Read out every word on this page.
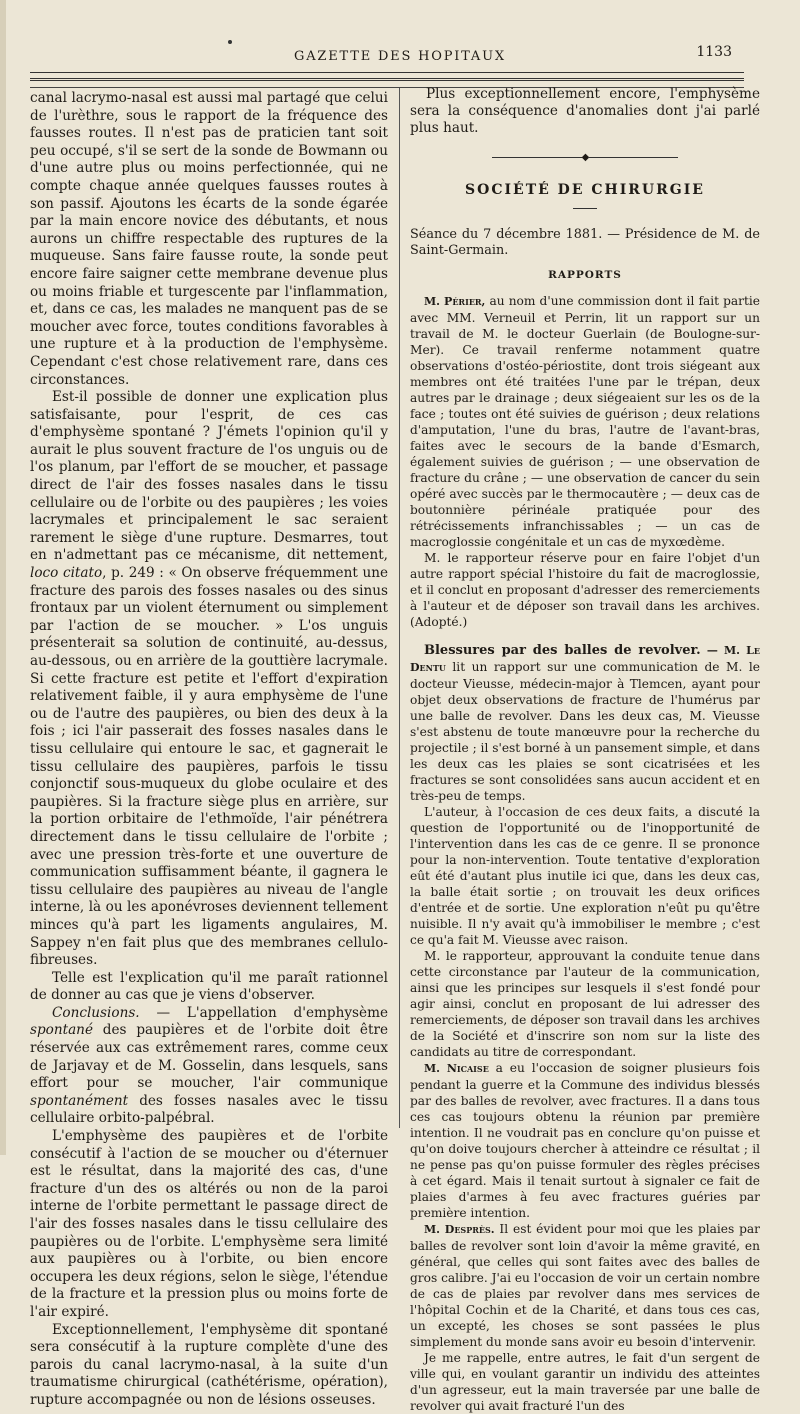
GAZETTE DES HOPITAUX	1133

canal lacrymo-nasal est aussi mal partagé que celui de l'urèthre, sous le rapport de la fréquence des fausses routes. Il n'est pas de praticien tant soit peu occupé, s'il se sert de la sonde de Bowmann ou d'une autre plus ou moins perfectionnée, qui ne compte chaque année quelques fausses routes à son passif. Ajoutons les écarts de la sonde égarée par la main encore novice des débutants, et nous aurons un chiffre respectable des ruptures de la muqueuse. Sans faire fausse route, la sonde peut encore faire saigner cette membrane devenue plus ou moins friable et turgescente par l'inflammation, et, dans ce cas, les malades ne manquent pas de se moucher avec force, toutes conditions favorables à une rupture et à la production de l'emphysème. Cependant c'est chose relativement rare, dans ces circonstances.

Est-il possible de donner une explication plus satisfaisante, pour l'esprit, de ces cas d'emphysème spontané ? J'émets l'opinion qu'il y aurait le plus souvent fracture de l'os unguis ou de l'os planum, par l'effort de se moucher, et passage direct de l'air des fosses nasales dans le tissu cellulaire ou de l'orbite ou des paupières ; les voies lacrymales et principalement le sac seraient rarement le siège d'une rupture. Desmarres, tout en n'admettant pas ce mécanisme, dit nettement, loco citato, p. 249 : « On observe fréquemment une fracture des parois des fosses nasales ou des sinus frontaux par un violent éternument ou simplement par l'action de se moucher. » L'os unguis présenterait sa solution de continuité, au-dessus, au-dessous, ou en arrière de la gouttière lacrymale. Si cette fracture est petite et l'effort d'expiration relativement faible, il y aura emphysème de l'une ou de l'autre des paupières, ou bien des deux à la fois ; ici l'air passerait des fosses nasales dans le tissu cellulaire qui entoure le sac, et gagnerait le tissu cellulaire des paupières, parfois le tissu conjonctif sous-muqueux du globe oculaire et des paupières. Si la fracture siège plus en arrière, sur la portion orbitaire de l'ethmoïde, l'air pénétrera directement dans le tissu cellulaire de l'orbite ; avec une pression très-forte et une ouverture de communication suffisamment béante, il gagnera le tissu cellulaire des paupières au niveau de l'angle interne, là ou les aponévroses deviennent tellement minces qu'à part les ligaments angulaires, M. Sappey n'en fait plus que des membranes cellulo-fibreuses.

Telle est l'explication qu'il me paraît rationnel de donner au cas que je viens d'observer.

Conclusions. — L'appellation d'emphysème spontané des paupières et de l'orbite doit être réservée aux cas extrêmement rares, comme ceux de Jarjavay et de M. Gosselin, dans lesquels, sans effort pour se moucher, l'air communique spontanément des fosses nasales avec le tissu cellulaire orbito-palpébral.

L'emphysème des paupières et de l'orbite consécutif à l'action de se moucher ou d'éternuer est le résultat, dans la majorité des cas, d'une fracture d'un des os altérés ou non de la paroi interne de l'orbite permettant le passage direct de l'air des fosses nasales dans le tissu cellulaire des paupières ou de l'orbite. L'emphysème sera limité aux paupières ou à l'orbite, ou bien encore occupera les deux régions, selon le siège, l'étendue de la fracture et la pression plus ou moins forte de l'air expiré.

Exceptionnellement, l'emphysème dit spontané sera consécutif à la rupture complète d'une des parois du canal lacrymo-nasal, à la suite d'un traumatisme chirurgical (cathétérisme, opération), rupture accompagnée ou non de lésions osseuses.

Plus exceptionnellement encore, l'emphysème sera la conséquence d'anomalies dont j'ai parlé plus haut.

◆
SOCIÉTÉ DE CHIRURGIE

Séance du 7 décembre 1881. — Présidence de M. de Saint-Germain.

RAPPORTS

M. Périer, au nom d'une commission dont il fait partie avec MM. Verneuil et Perrin, lit un rapport sur un travail de M. le docteur Guerlain (de Boulogne-sur-Mer). Ce travail renferme notamment quatre observations d'ostéo-périostite, dont trois siégeant aux membres ont été traitées l'une par le trépan, deux autres par le drainage ; deux siégeaient sur les os de la face ; toutes ont été suivies de guérison ; deux relations d'amputation, l'une du bras, l'autre de l'avant-bras, faites avec le secours de la bande d'Esmarch, également suivies de guérison ; — une observation de fracture du crâne ; — une observation de cancer du sein opéré avec succès par le thermocautère ; — deux cas de boutonnière périnéale pratiquée pour des rétrécissements infranchissables ; — un cas de macroglossie congénitale et un cas de myxœdème.

M. le rapporteur réserve pour en faire l'objet d'un autre rapport spécial l'histoire du fait de macroglossie, et il conclut en proposant d'adresser des remerciements à l'auteur et de déposer son travail dans les archives. (Adopté.)

Blessures par des balles de revolver. — M. Le Dentu lit un rapport sur une communication de M. le docteur Vieusse, médecin-major à Tlemcen, ayant pour objet deux observations de fracture de l'humérus par une balle de revolver. Dans les deux cas, M. Vieusse s'est abstenu de toute manœuvre pour la recherche du projectile ; il s'est borné à un pansement simple, et dans les deux cas les plaies se sont cicatrisées et les fractures se sont consolidées sans aucun accident et en très-peu de temps.

L'auteur, à l'occasion de ces deux faits, a discuté la question de l'opportunité ou de l'inopportunité de l'intervention dans les cas de ce genre. Il se prononce pour la non-intervention. Toute tentative d'exploration eût été d'autant plus inutile ici que, dans les deux cas, la balle était sortie ; on trouvait les deux orifices d'entrée et de sortie. Une exploration n'eût pu qu'être nuisible. Il n'y avait qu'à immobiliser le membre ; c'est ce qu'a fait M. Vieusse avec raison.

M. le rapporteur, approuvant la conduite tenue dans cette circonstance par l'auteur de la communication, ainsi que les principes sur lesquels il s'est fondé pour agir ainsi, conclut en proposant de lui adresser des remerciements, de déposer son travail dans les archives de la Société et d'inscrire son nom sur la liste des candidats au titre de correspondant.

M. Nicaise a eu l'occasion de soigner plusieurs fois pendant la guerre et la Commune des individus blessés par des balles de revolver, avec fractures. Il a dans tous ces cas toujours obtenu la réunion par première intention. Il ne voudrait pas en conclure qu'on puisse et qu'on doive toujours chercher à atteindre ce résultat ; il ne pense pas qu'on puisse formuler des règles précises à cet égard. Mais il tenait surtout à signaler ce fait de plaies d'armes à feu avec fractures guéries par première intention.

M. Desprès. Il est évident pour moi que les plaies par balles de revolver sont loin d'avoir la même gravité, en général, que celles qui sont faites avec des balles de gros calibre. J'ai eu l'occasion de voir un certain nombre de cas de plaies par revolver dans mes services de l'hôpital Cochin et de la Charité, et dans tous ces cas, un excepté, les choses se sont passées le plus simplement du monde sans avoir eu besoin d'intervenir.

Je me rappelle, entre autres, le fait d'un sergent de ville qui, en voulant garantir un individu des atteintes d'un agresseur, eut la main traversée par une balle de revolver qui avait fracturé l'un des
